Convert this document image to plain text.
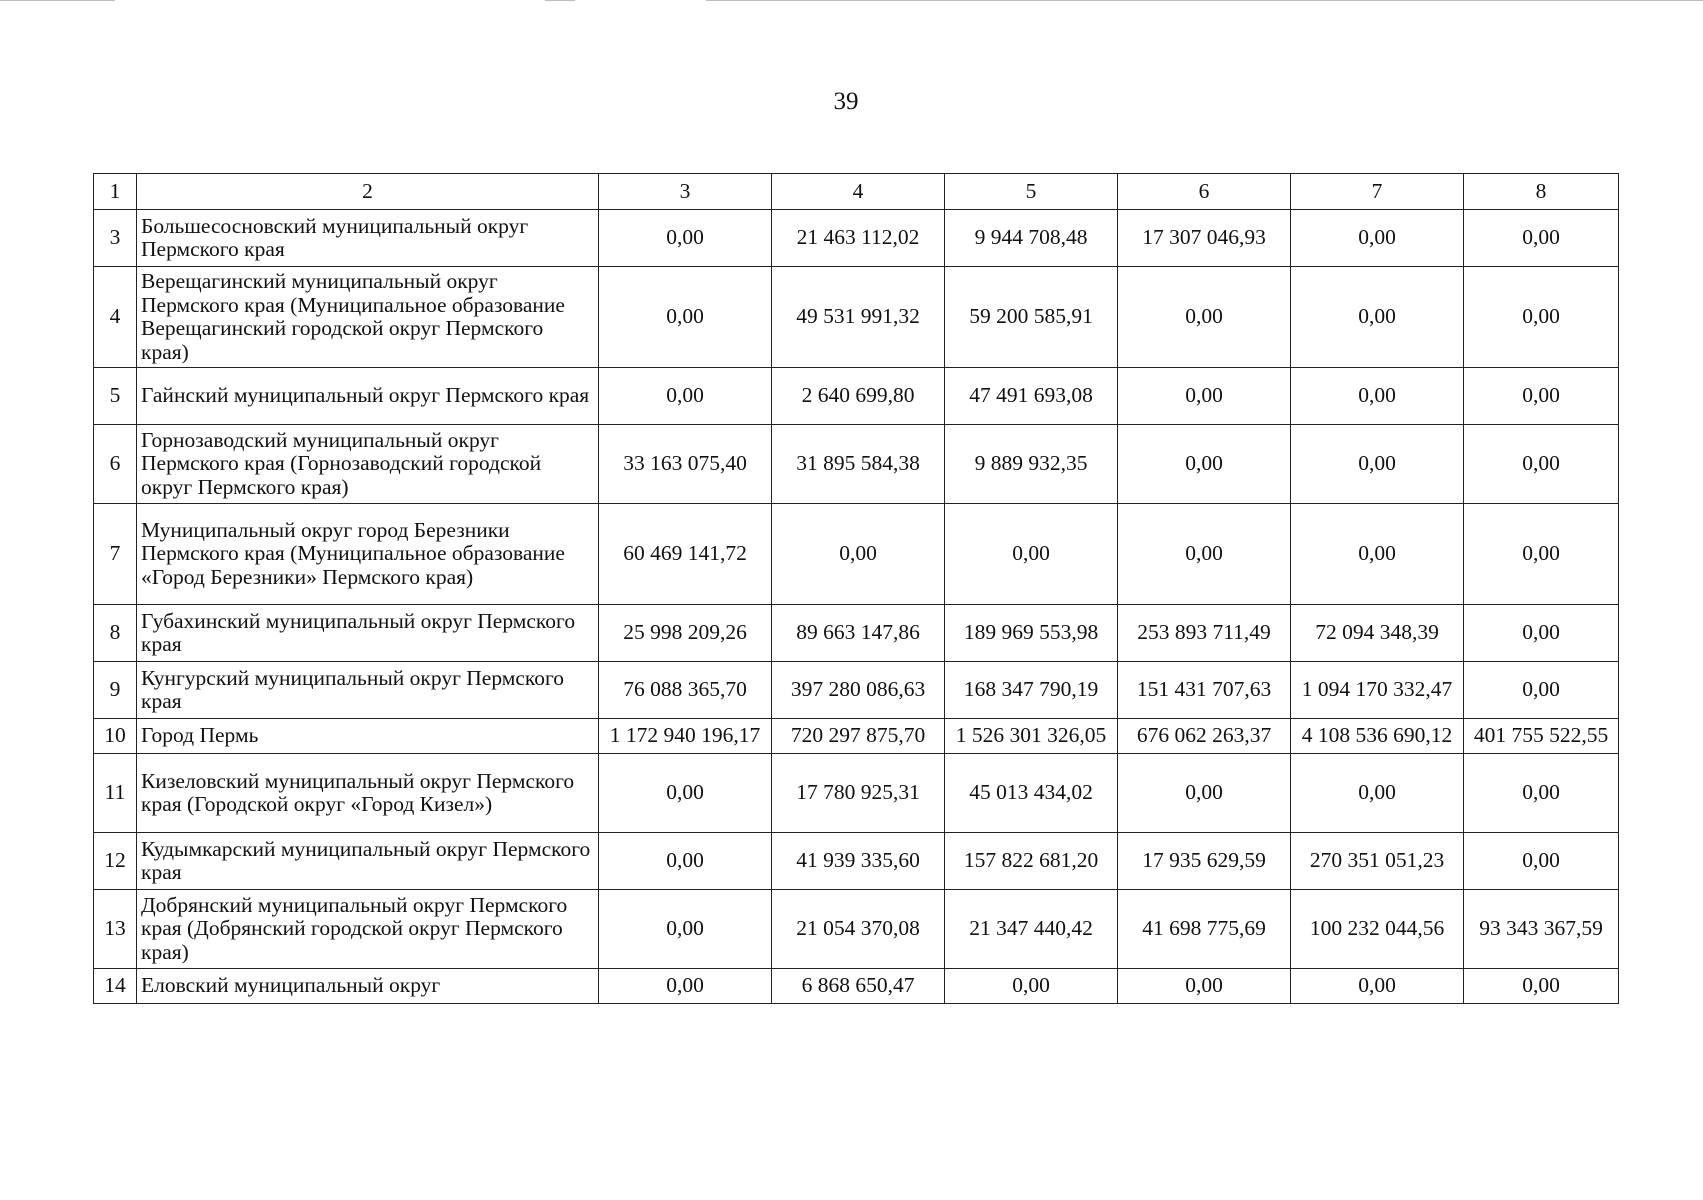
39
1	2	3	4	5	6	7	8
3	Большесосновский муниципальный округ Пермского края	0,00	21 463 112,02	9 944 708,48	17 307 046,93	0,00	0,00
4	Верещагинский муниципальный округ Пермского края (Муниципальное образование Верещагинский городской округ Пермского края)	0,00	49 531 991,32	59 200 585,91	0,00	0,00	0,00
5	Гайнский муниципальный округ Пермского края	0,00	2 640 699,80	47 491 693,08	0,00	0,00	0,00
6	Горнозаводский муниципальный округ Пермского края (Горнозаводский городской округ Пермского края)	33 163 075,40	31 895 584,38	9 889 932,35	0,00	0,00	0,00
7	Муниципальный округ город Березники Пермского края (Муниципальное образование «Город Березники» Пермского края)	60 469 141,72	0,00	0,00	0,00	0,00	0,00
8	Губахинский муниципальный округ Пермского края	25 998 209,26	89 663 147,86	189 969 553,98	253 893 711,49	72 094 348,39	0,00
9	Кунгурский муниципальный округ Пермского края	76 088 365,70	397 280 086,63	168 347 790,19	151 431 707,63	1 094 170 332,47	0,00
10	Город Пермь	1 172 940 196,17	720 297 875,70	1 526 301 326,05	676 062 263,37	4 108 536 690,12	401 755 522,55
11	Кизеловский муниципальный округ Пермского края (Городской округ «Город Кизел»)	0,00	17 780 925,31	45 013 434,02	0,00	0,00	0,00
12	Кудымкарский муниципальный округ Пермского края	0,00	41 939 335,60	157 822 681,20	17 935 629,59	270 351 051,23	0,00
13	Добрянский муниципальный округ Пермского края (Добрянский городской округ Пермского края)	0,00	21 054 370,08	21 347 440,42	41 698 775,69	100 232 044,56	93 343 367,59
14	Еловский муниципальный округ	0,00	6 868 650,47	0,00	0,00	0,00	0,00
